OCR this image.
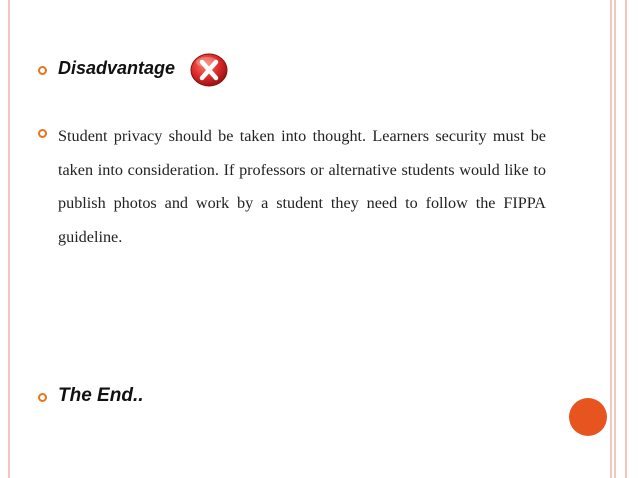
Disadvantage
Student privacy should be taken into thought. Learners security must be taken into consideration. If professors or alternative students would like to publish photos and work by a student they need to follow the FIPPA guideline.
The End..
